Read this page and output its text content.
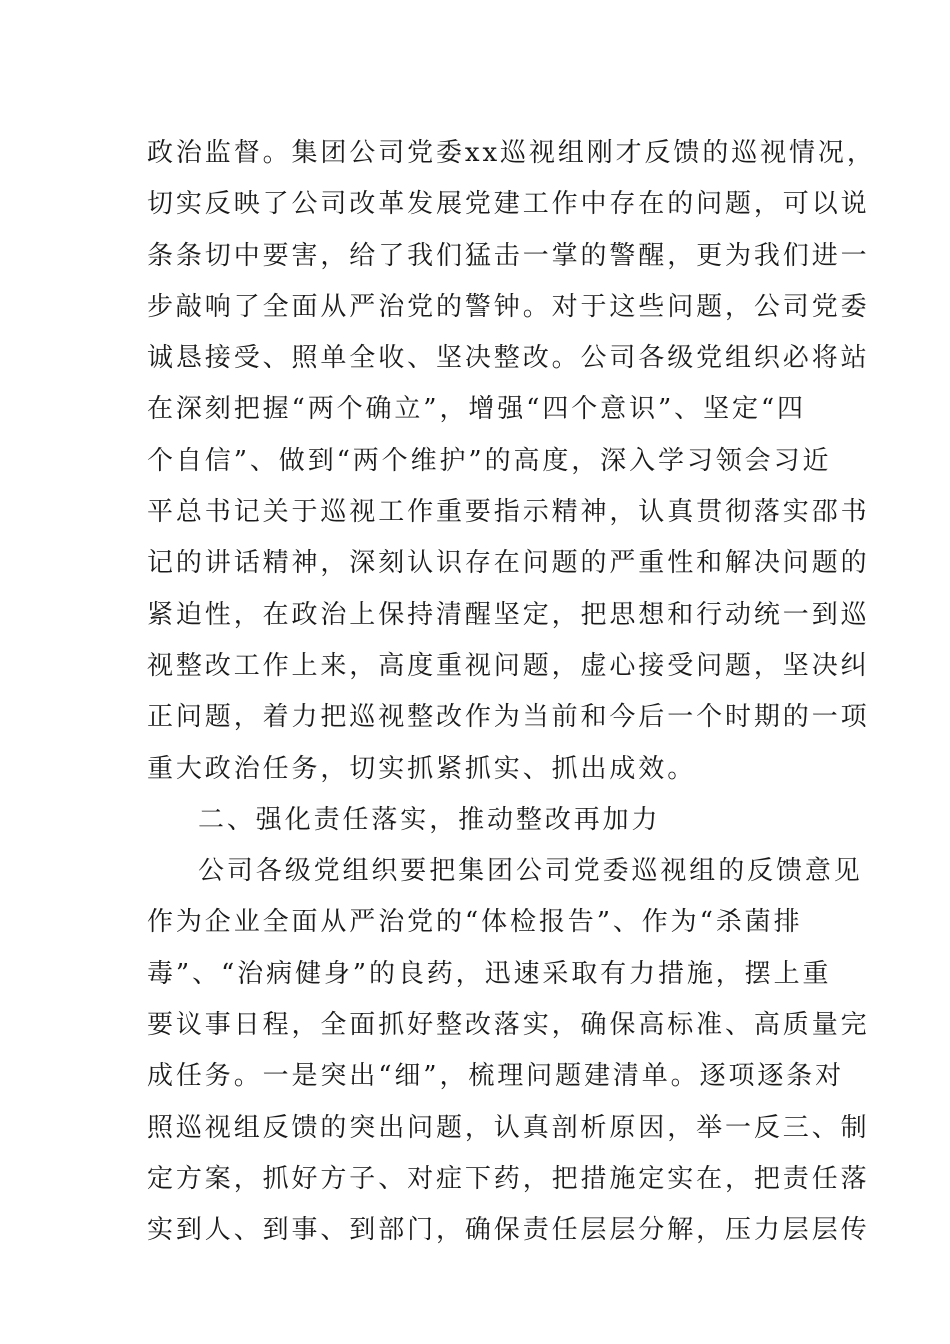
政治监督。集团公司党委xx巡视组刚才反馈的巡视情况，
切实反映了公司改革发展党建工作中存在的问题，可以说
条条切中要害，给了我们猛击一掌的警醒，更为我们进一
步敲响了全面从严治党的警钟。对于这些问题，公司党委
诚恳接受、照单全收、坚决整改。公司各级党组织必将站
在深刻把握“两个确立”，增强“四个意识”、坚定“四
个自信”、做到“两个维护”的高度，深入学习领会习近
平总书记关于巡视工作重要指示精神，认真贯彻落实邵书
记的讲话精神，深刻认识存在问题的严重性和解决问题的
紧迫性，在政治上保持清醒坚定，把思想和行动统一到巡
视整改工作上来，高度重视问题，虚心接受问题，坚决纠
正问题，着力把巡视整改作为当前和今后一个时期的一项
重大政治任务，切实抓紧抓实、抓出成效。
二、强化责任落实，推动整改再加力
公司各级党组织要把集团公司党委巡视组的反馈意见
作为企业全面从严治党的“体检报告”、作为“杀菌排
毒”、“治病健身”的良药，迅速采取有力措施，摆上重
要议事日程，全面抓好整改落实，确保高标准、高质量完
成任务。一是突出“细”，梳理问题建清单。逐项逐条对
照巡视组反馈的突出问题，认真剖析原因，举一反三、制
定方案，抓好方子、对症下药，把措施定实在，把责任落
实到人、到事、到部门，确保责任层层分解，压力层层传
